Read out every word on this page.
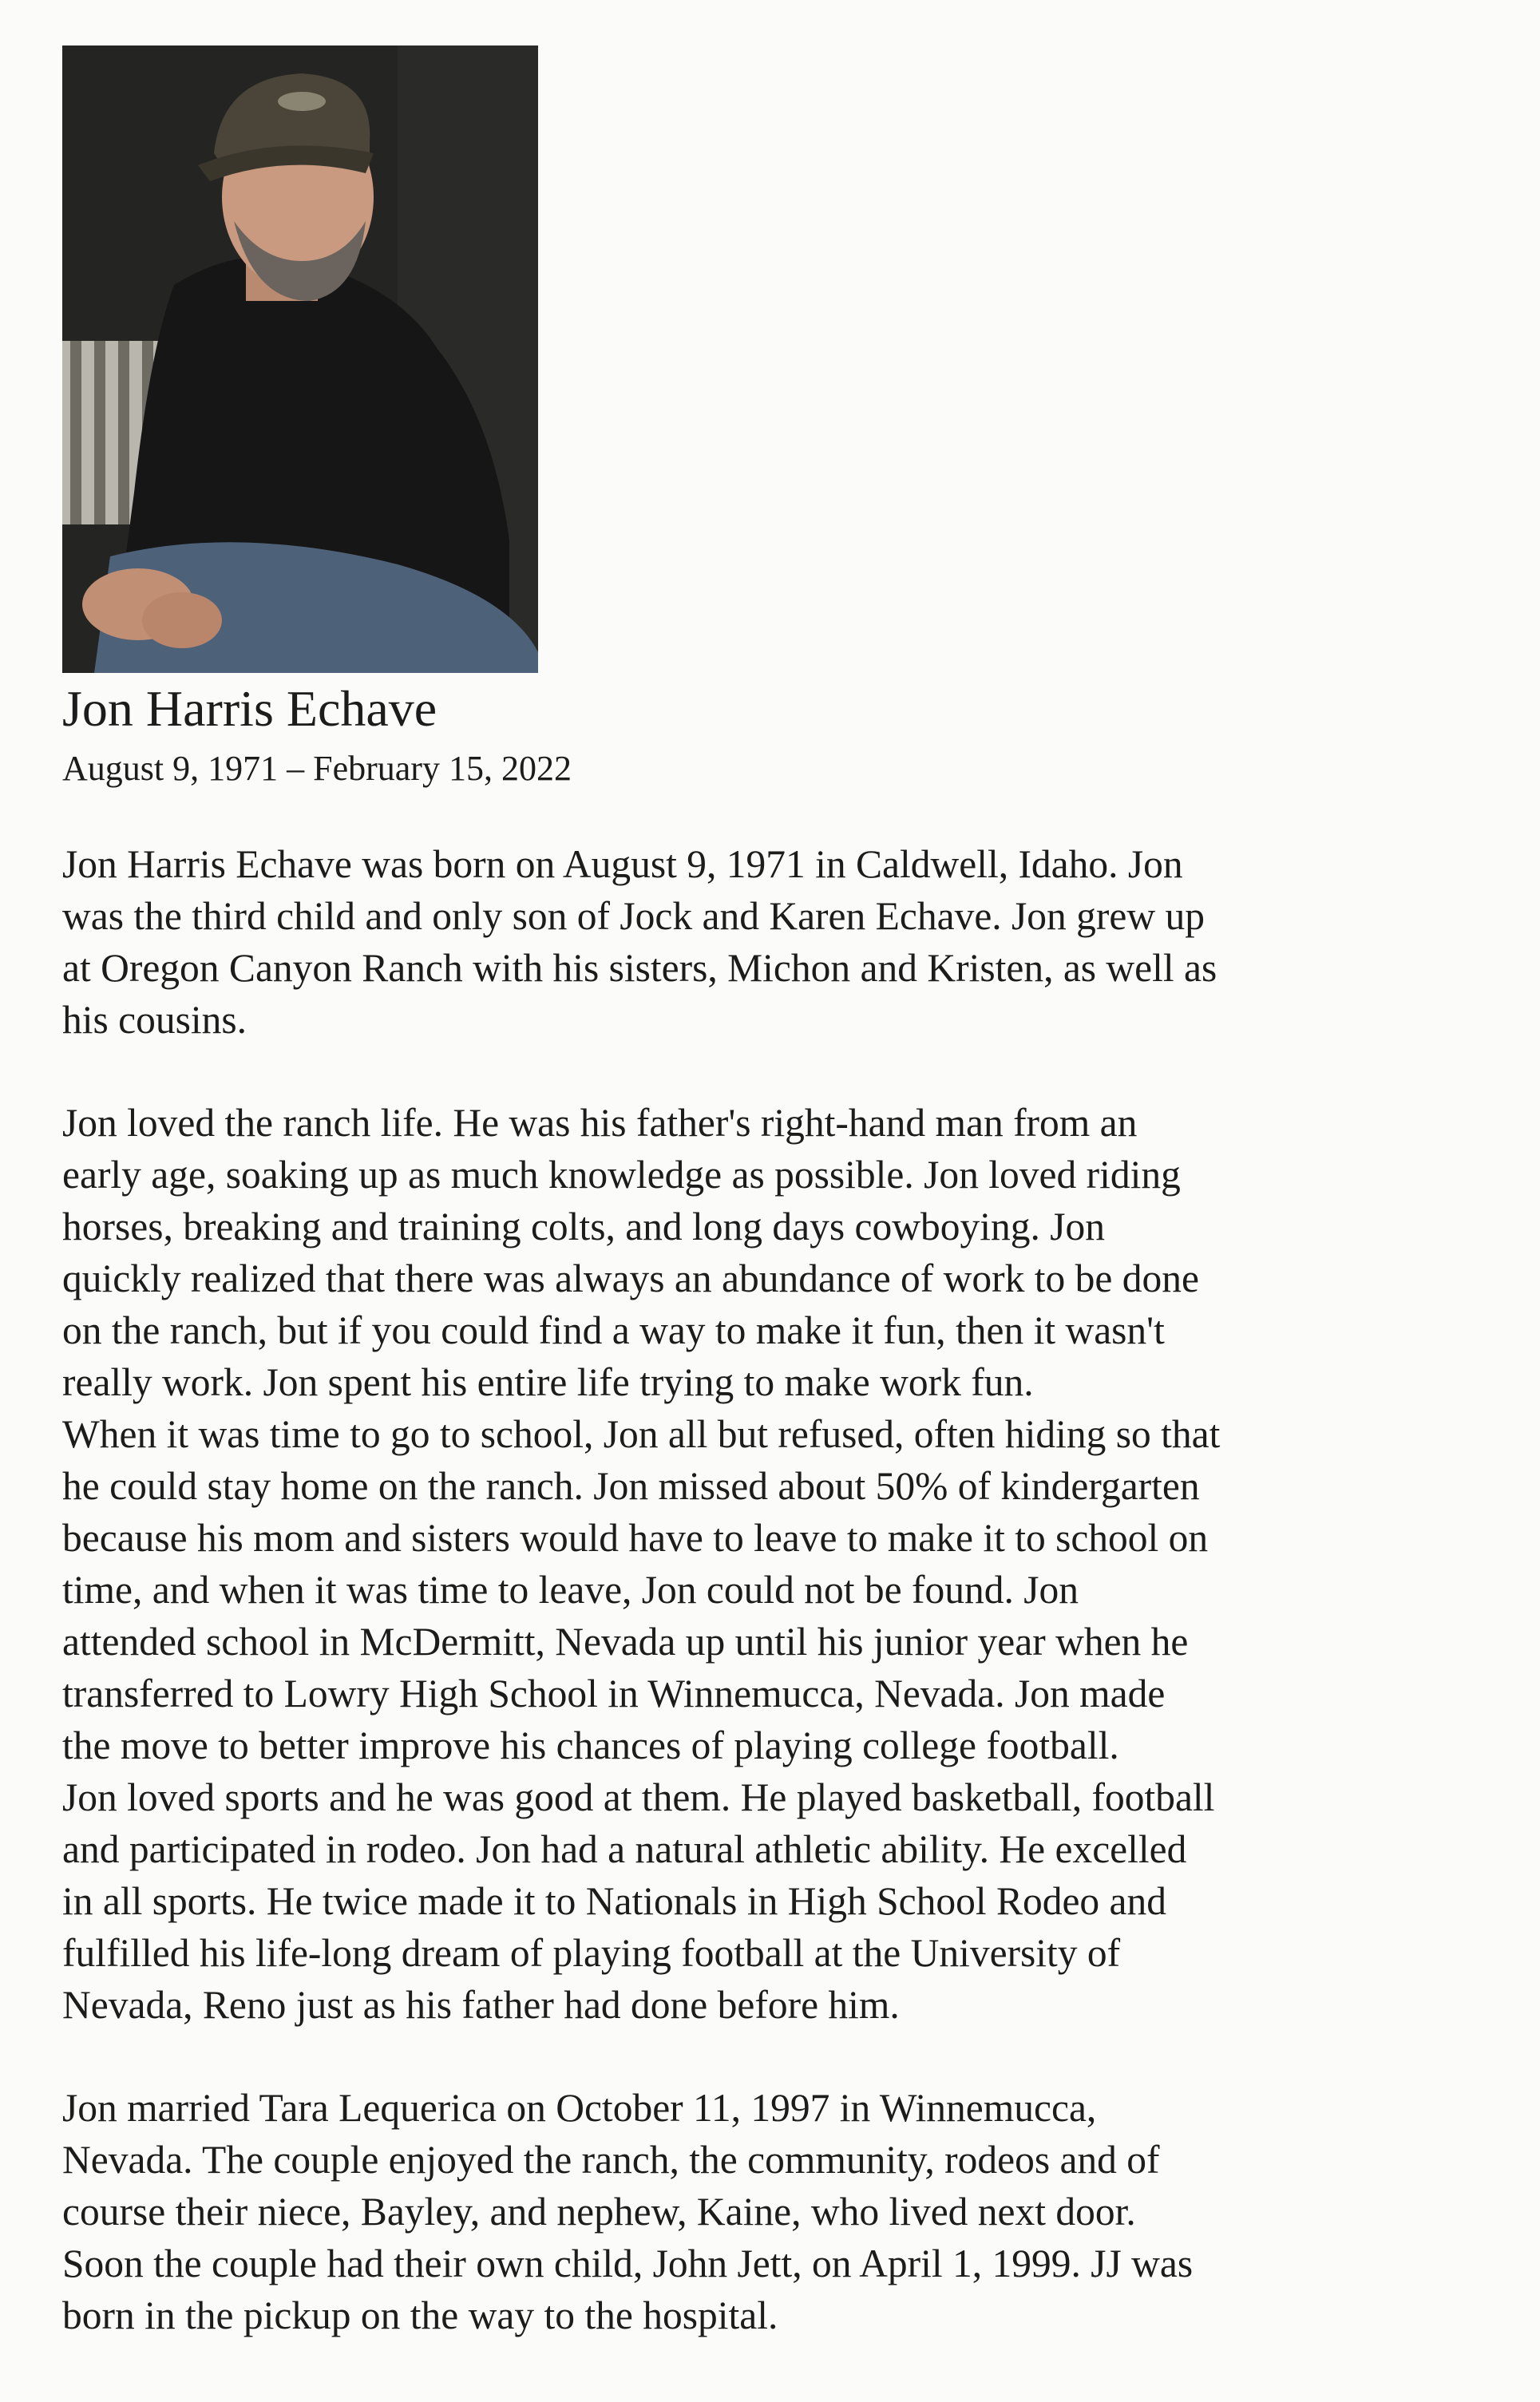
Jon Harris Echave
August 9, 1971 – February 15, 2022

Jon Harris Echave was born on August 9, 1971 in Caldwell, Idaho. Jon
was the third child and only son of Jock and Karen Echave. Jon grew up
at Oregon Canyon Ranch with his sisters, Michon and Kristen, as well as
his cousins.

Jon loved the ranch life. He was his father's right-hand man from an
early age, soaking up as much knowledge as possible. Jon loved riding
horses, breaking and training colts, and long days cowboying. Jon
quickly realized that there was always an abundance of work to be done
on the ranch, but if you could find a way to make it fun, then it wasn't
really work. Jon spent his entire life trying to make work fun.
When it was time to go to school, Jon all but refused, often hiding so that
he could stay home on the ranch. Jon missed about 50% of kindergarten
because his mom and sisters would have to leave to make it to school on
time, and when it was time to leave, Jon could not be found. Jon
attended school in McDermitt, Nevada up until his junior year when he
transferred to Lowry High School in Winnemucca, Nevada. Jon made
the move to better improve his chances of playing college football.
Jon loved sports and he was good at them. He played basketball, football
and participated in rodeo. Jon had a natural athletic ability. He excelled
in all sports. He twice made it to Nationals in High School Rodeo and
fulfilled his life-long dream of playing football at the University of
Nevada, Reno just as his father had done before him.

Jon married Tara Lequerica on October 11, 1997 in Winnemucca,
Nevada. The couple enjoyed the ranch, the community, rodeos and of
course their niece, Bayley, and nephew, Kaine, who lived next door.
Soon the couple had their own child, John Jett, on April 1, 1999. JJ was
born in the pickup on the way to the hospital.
